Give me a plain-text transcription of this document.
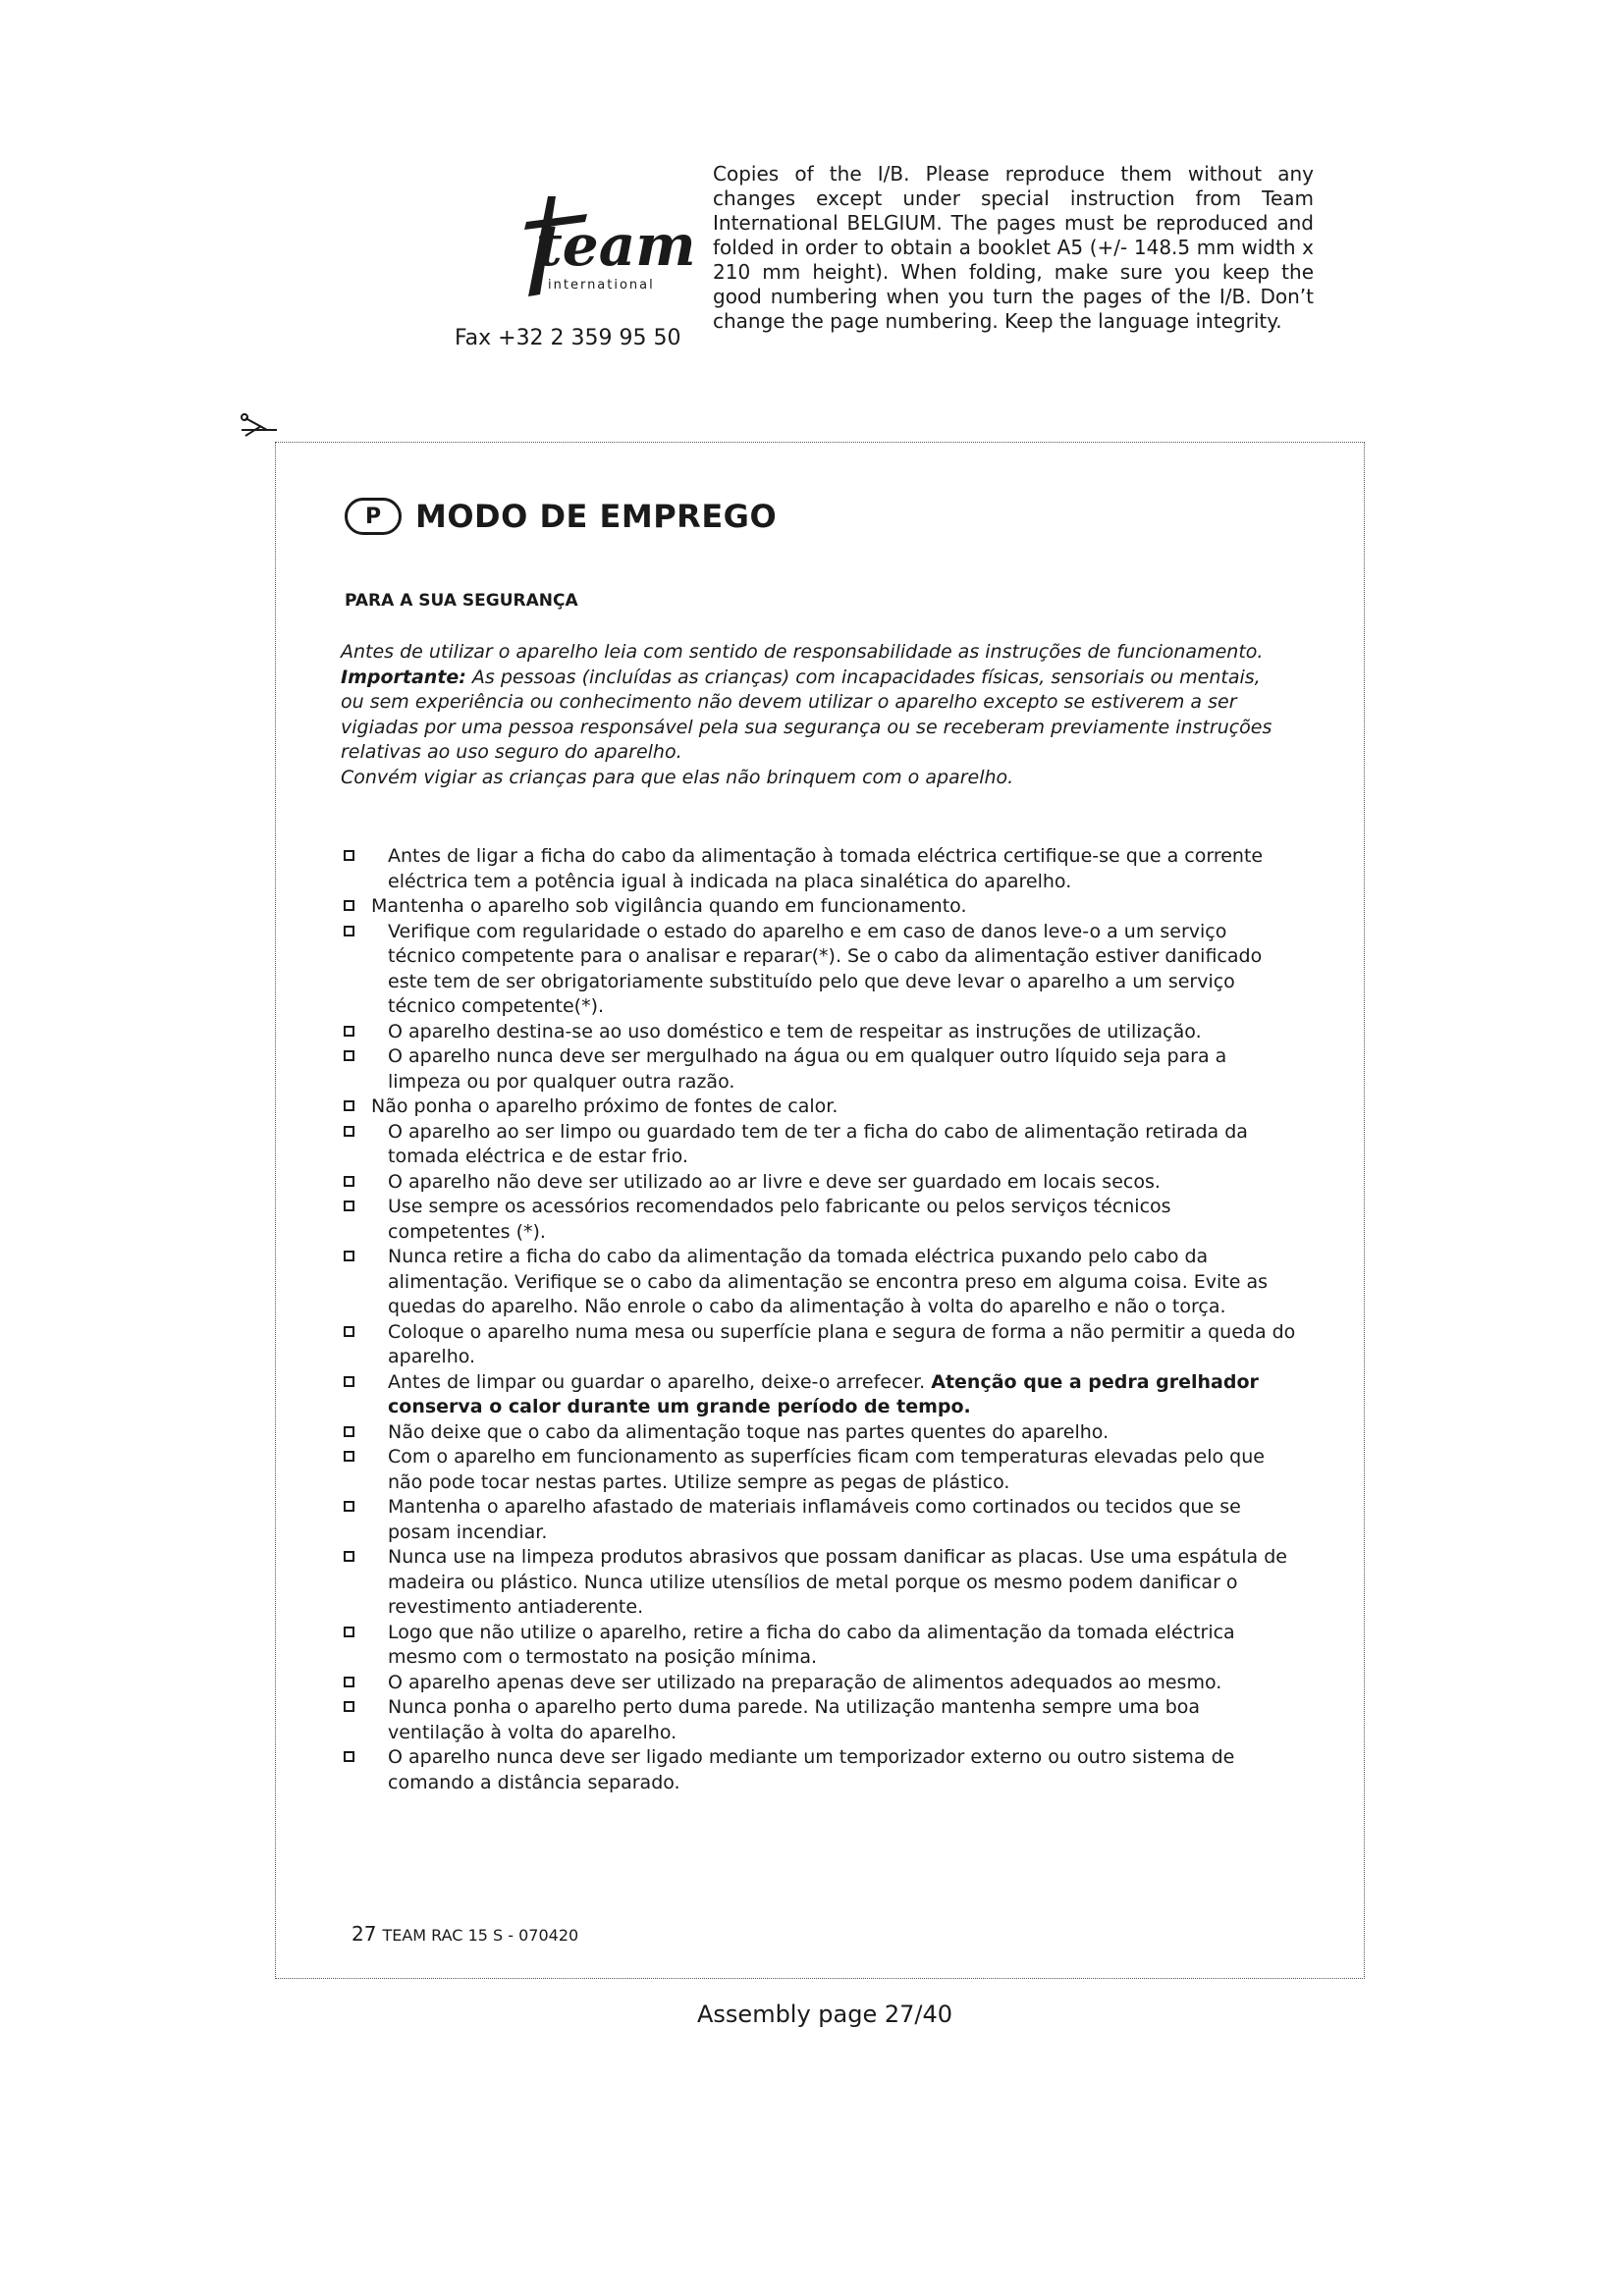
team
international
Fax +32 2 359 95 50
Copies of the I/B. Please reproduce them without any changes except under special instruction from Team International BELGIUM. The pages must be reproduced and folded in order to obtain a booklet A5 (+/- 148.5 mm width x 210 mm height). When folding, make sure you keep the good numbering when you turn the pages of the I/B. Don’t change the page numbering. Keep the language integrity.
P	MODO DE EMPREGO
PARA A SUA SEGURANÇA

Antes de utilizar o aparelho leia com sentido de responsabilidade as instruções de funcionamento.

Importante: As pessoas (incluídas as crianças) com incapacidades físicas, sensoriais ou mentais, ou sem experiência ou conhecimento não devem utilizar o aparelho excepto se estiverem a ser vigiadas por uma pessoa responsável pela sua segurança ou se receberam previamente instruções relativas ao uso seguro do aparelho.

Convém vigiar as crianças para que elas não brinquem com o aparelho.

Antes de ligar a ficha do cabo da alimentação à tomada eléctrica certifique-se que a corrente eléctrica tem a potência igual à indicada na placa sinalética do aparelho.
Mantenha o aparelho sob vigilância quando em funcionamento.
Verifique com regularidade o estado do aparelho e em caso de danos leve-o a um serviço técnico competente para o analisar e reparar(*). Se o cabo da alimentação estiver danificado este tem de ser obrigatoriamente substituído pelo que deve levar o aparelho a um serviço técnico competente(*).
O aparelho destina-se ao uso doméstico e tem de respeitar as instruções de utilização.
O aparelho nunca deve ser mergulhado na água ou em qualquer outro líquido seja para a limpeza ou por qualquer outra razão.
Não ponha o aparelho próximo de fontes de calor.
O aparelho ao ser limpo ou guardado tem de ter a ficha do cabo de alimentação retirada da tomada eléctrica e de estar frio.
O aparelho não deve ser utilizado ao ar livre e deve ser guardado em locais secos.
Use sempre os acessórios recomendados pelo fabricante ou pelos serviços técnicos competentes (*).
Nunca retire a ficha do cabo da alimentação da tomada eléctrica puxando pelo cabo da alimentação. Verifique se o cabo da alimentação se encontra preso em alguma coisa. Evite as quedas do aparelho. Não enrole o cabo da alimentação à volta do aparelho e não o torça.
Coloque o aparelho numa mesa ou superfície plana e segura de forma a não permitir a queda do aparelho.
Antes de limpar ou guardar o aparelho, deixe-o arrefecer. Atenção que a pedra grelhador conserva o calor durante um grande período de tempo.
Não deixe que o cabo da alimentação toque nas partes quentes do aparelho.
Com o aparelho em funcionamento as superfícies ficam com temperaturas elevadas pelo que não pode tocar nestas partes. Utilize sempre as pegas de plástico.
Mantenha o aparelho afastado de materiais inflamáveis como cortinados ou tecidos que se posam incendiar.
Nunca use na limpeza produtos abrasivos que possam danificar as placas. Use uma espátula de madeira ou plástico. Nunca utilize utensílios de metal porque os mesmo podem danificar o revestimento antiaderente.
Logo que não utilize o aparelho, retire a ficha do cabo da alimentação da tomada eléctrica mesmo com o termostato na posição mínima.
O aparelho apenas deve ser utilizado na preparação de alimentos adequados ao mesmo.
Nunca ponha o aparelho perto duma parede. Na utilização mantenha sempre uma boa ventilação à volta do aparelho.
O aparelho nunca deve ser ligado mediante um temporizador externo ou outro sistema de comando a distância separado.
27 TEAM RAC 15 S - 070420
Assembly page 27/40
